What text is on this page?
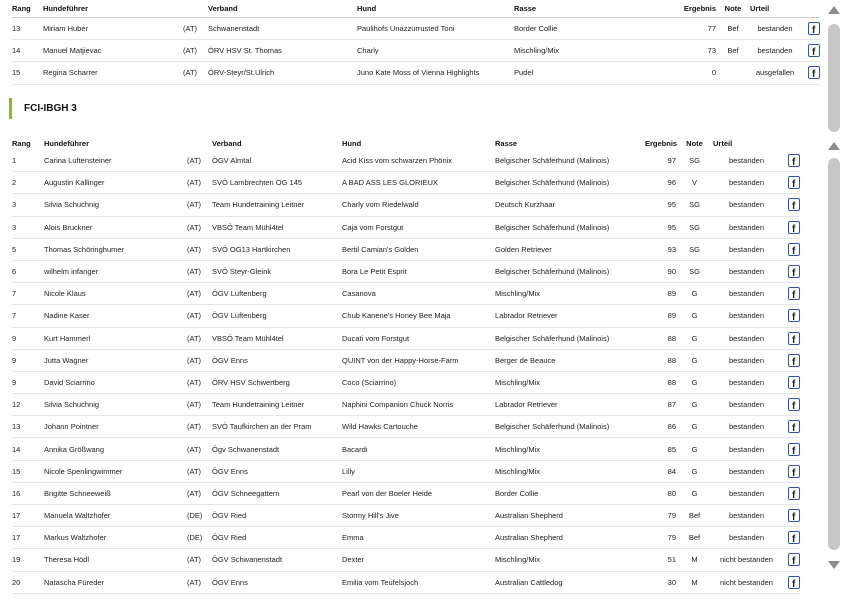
Rang	Hundeführer		Verband	Hund	Rasse	Ergebnis	Note	Urteil	
13	Miriam Huber	(AT)	Schwanenstadt	Paulihofs Unazzurrusted Toni	Border Collie	77	Bef	bestanden	f

14	Manuel Matjievac	(AT)	ÖRV HSV St. Thomas	Charly	Mischling/Mix	73	Bef	bestanden	f

15	Regina Scharrer	(AT)	ÖRV-Steyr/St.Ulrich	Juno Kate Moss of Vienna Highlights	Pudel	0		ausgefallen	f
FCI-IBGH 3
Rang	Hundeführer		Verband	Hund	Rasse	Ergebnis	Note	Urteil	
1	Carina Luftensteiner	(AT)	ÖGV Almtal	Acid Kiss vom schwarzen Phönix	Belgischer Schäferhund (Malinois)	97	SG	bestanden	f

2	Augustin Kallinger	(AT)	SVÖ Lambrechten OG 145	A BAD ASS LES GLORIEUX	Belgischer Schäferhund (Malinois)	96	V	bestanden	f

3	Silvia Schuchnig	(AT)	Team Hundetraining Leitner	Charly vom Riedelwald	Deutsch Kurzhaar	95	SG	bestanden	f

3	Alois Bruckner	(AT)	VBSÖ Team Mühl4tel	Caja vom Forstgut	Belgischer Schäferhund (Malinois)	95	SG	bestanden	f

5	Thomas Schöringhumer	(AT)	SVÖ OG13 Hartkirchen	Bertil Camian's Golden	Golden Retriever	93	SG	bestanden	f

6	wilhelm infanger	(AT)	SVÖ Steyr-Gleink	Bora Le Petit Esprit	Belgischer Schäferhund (Malinois)	90	SG	bestanden	f

7	Nicole Klaus	(AT)	ÖGV Luftenberg	Casanova	Mischling/Mix	89	G	bestanden	f

7	Nadine Kaser	(AT)	ÖGV Luftenberg	Chub Kanene's Honey Bee Maja	Labrador Retriever	89	G	bestanden	f

9	Kurt Hammerl	(AT)	VBSÖ Team Mühl4tel	Ducati vom Forstgut	Belgischer Schäferhund (Malinois)	88	G	bestanden	f

9	Jutta Wagner	(AT)	ÖGV Enns	QUINT von der Happy-Horse-Farm	Berger de Beauce	88	G	bestanden	f

9	David Sciarrino	(AT)	ÖRV HSV Schwertberg	Coco (Sciarrino)	Mischling/Mix	88	G	bestanden	f

12	Silvia Schuchnig	(AT)	Team Hundetraining Leitner	Naphini Companion Chuck Norris	Labrador Retriever	87	G	bestanden	f

13	Johann Pointner	(AT)	SVÖ Taufkirchen an der Pram	Wild Hawks Cartouche	Belgischer Schäferhund (Malinois)	86	G	bestanden	f

14	Annika Größwang	(AT)	Ögv Schwanenstadt	Bacardi	Mischling/Mix	85	G	bestanden	f

15	Nicole Spenlingwimmer	(AT)	ÖGV Enns	Lilly	Mischling/Mix	84	G	bestanden	f

16	Brigitte Schneeweiß	(AT)	ÖGV Schneegattern	Pearl von der Boeler Heide	Border Collie	80	G	bestanden	f

17	Manuela Waltzhofer	(DE)	ÖGV Ried	Stormy Hill's Jive	Australian Shepherd	79	Bef	bestanden	f

17	Markus Waltzhofer	(DE)	ÖGV Ried	Emma	Australian Shepherd	79	Bef	bestanden	f

19	Theresa Hödl	(AT)	ÖGV Schwanenstadt	Dexter	Mischling/Mix	51	M	nicht bestanden	f

20	Natascha Füreder	(AT)	ÖGV Enns	Emilia vom Teufelsjoch	Australian Cattledog	30	M	nicht bestanden	f
